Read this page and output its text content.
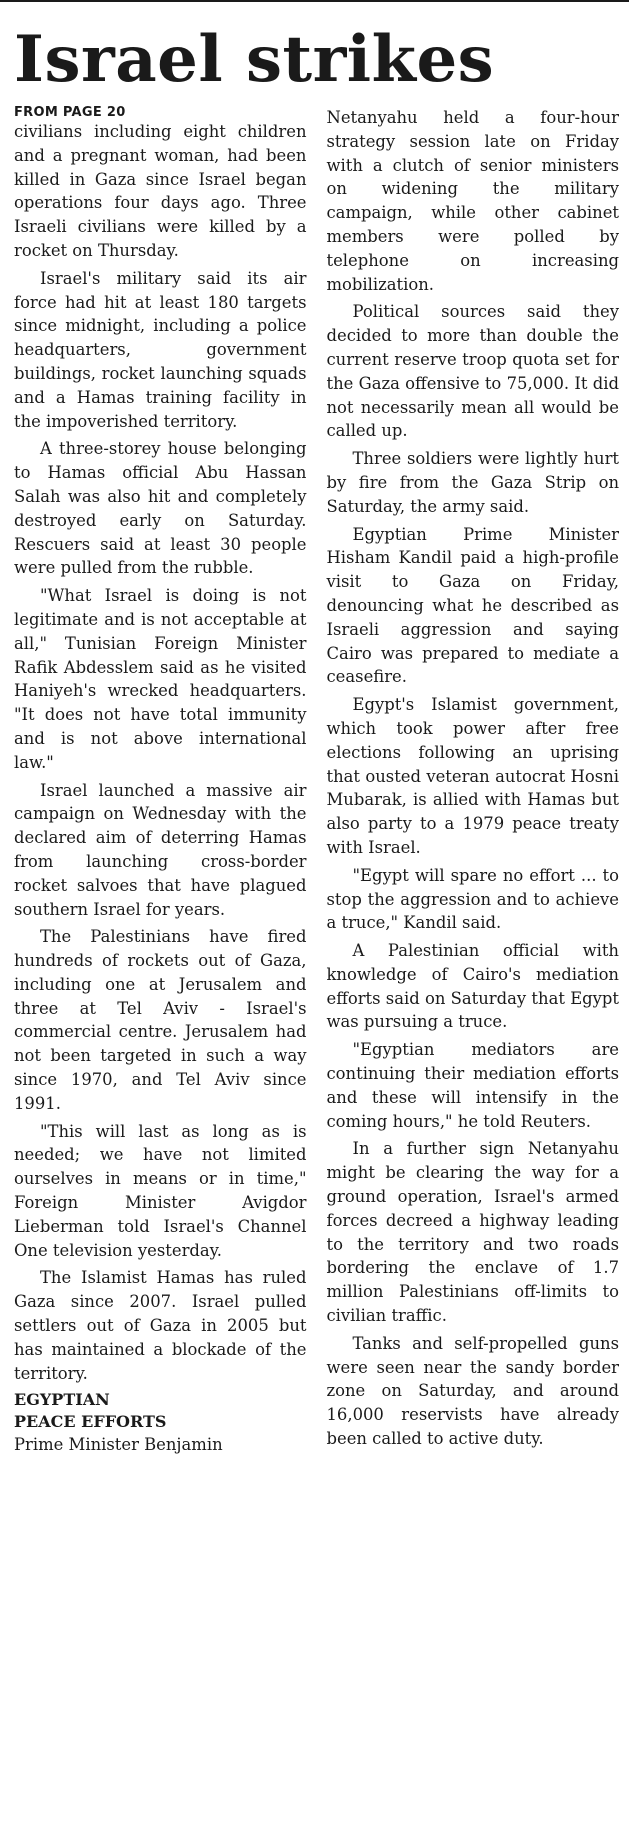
Israel strikes
FROM PAGE 20

civilians including eight children and a pregnant woman, had been killed in Gaza since Israel began operations four days ago. Three Israeli civilians were killed by a rocket on Thursday.

Israel's military said its air force had hit at least 180 targets since midnight, including a police headquarters, government buildings, rocket launching squads and a Hamas training facility in the impoverished territory.

A three-storey house belonging to Hamas official Abu Hassan Salah was also hit and completely destroyed early on Saturday. Rescuers said at least 30 people were pulled from the rubble.

"What Israel is doing is not legitimate and is not acceptable at all," Tunisian Foreign Minister Rafik Abdesslem said as he visited Haniyeh's wrecked headquarters. "It does not have total immunity and is not above international law."

Israel launched a massive air campaign on Wednesday with the declared aim of deterring Hamas from launching cross-border rocket salvoes that have plagued southern Israel for years.

The Palestinians have fired hundreds of rockets out of Gaza, including one at Jerusalem and three at Tel Aviv - Israel's commercial centre. Jerusalem had not been targeted in such a way since 1970, and Tel Aviv since 1991.

"This will last as long as is needed; we have not limited ourselves in means or in time," Foreign Minister Avigdor Lieberman told Israel's Channel One television yesterday.

The Islamist Hamas has ruled Gaza since 2007. Israel pulled settlers out of Gaza in 2005 but has maintained a blockade of the territory.

EGYPTIAN
PEACE EFFORTS

Prime Minister Benjamin

Netanyahu held a four-hour strategy session late on Friday with a clutch of senior ministers on widening the military campaign, while other cabinet members were polled by telephone on increasing mobilization.

Political sources said they decided to more than double the current reserve troop quota set for the Gaza offensive to 75,000. It did not necessarily mean all would be called up.

Three soldiers were lightly hurt by fire from the Gaza Strip on Saturday, the army said.

Egyptian Prime Minister Hisham Kandil paid a high-profile visit to Gaza on Friday, denouncing what he described as Israeli aggression and saying Cairo was prepared to mediate a ceasefire.

Egypt's Islamist government, which took power after free elections following an uprising that ousted veteran autocrat Hosni Mubarak, is allied with Hamas but also party to a 1979 peace treaty with Israel.

"Egypt will spare no effort ... to stop the aggression and to achieve a truce," Kandil said.

A Palestinian official with knowledge of Cairo's mediation efforts said on Saturday that Egypt was pursuing a truce.

"Egyptian mediators are continuing their mediation efforts and these will intensify in the coming hours," he told Reuters.

In a further sign Netanyahu might be clearing the way for a ground operation, Israel's armed forces decreed a highway leading to the territory and two roads bordering the enclave of 1.7 million Palestinians off-limits to civilian traffic.

Tanks and self-propelled guns were seen near the sandy border zone on Saturday, and around 16,000 reservists have already been called to active duty.
